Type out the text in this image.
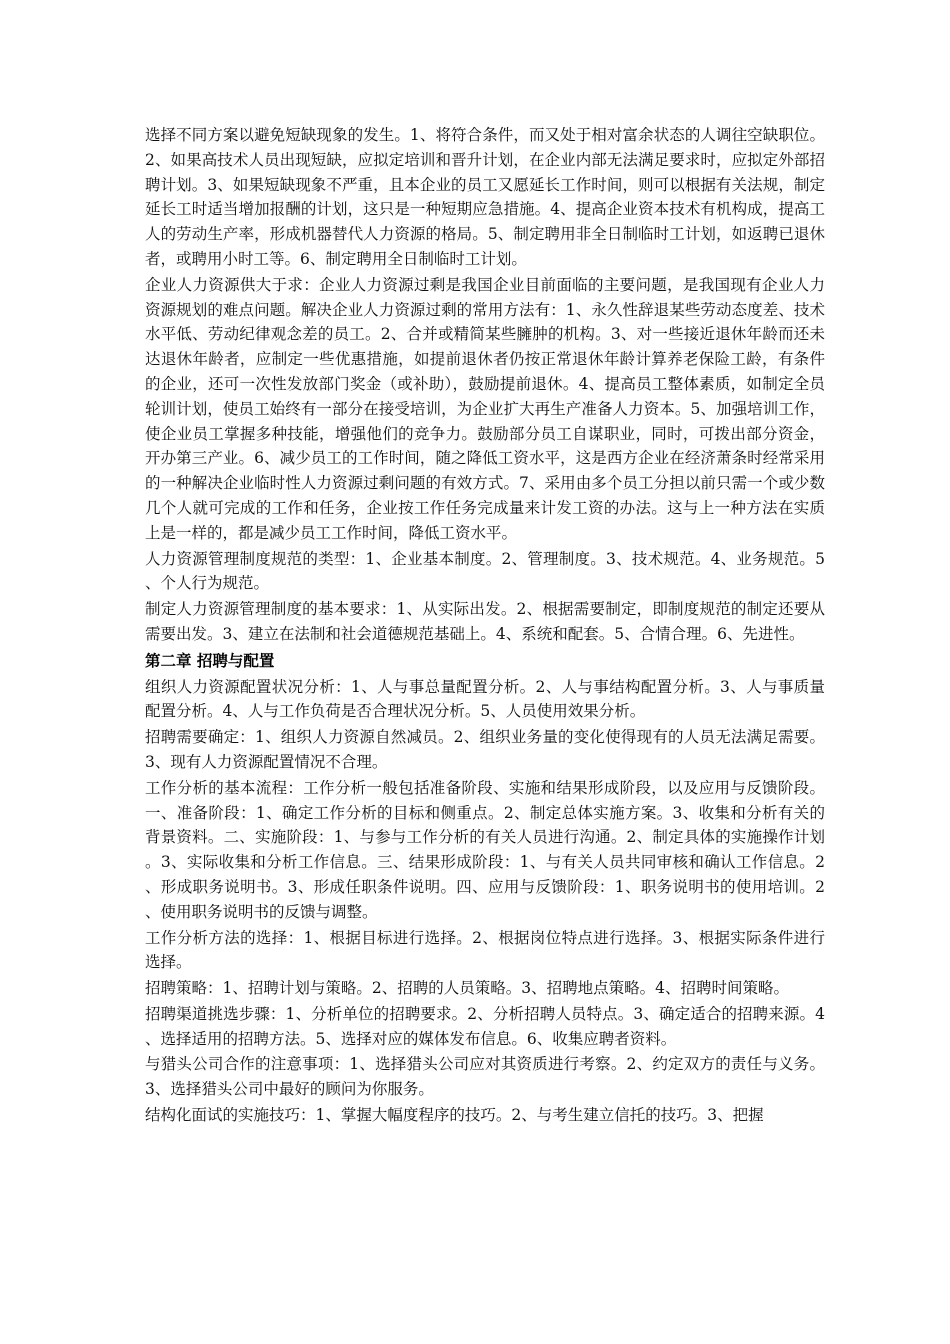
选择不同方案以避免短缺现象的发生。1、将符合条件，而又处于相对富余状态的人调往空缺职位。2、如果高技术人员出现短缺，应拟定培训和晋升计划，在企业内部无法满足要求时，应拟定外部招聘计划。3、如果短缺现象不严重，且本企业的员工又愿延长工作时间，则可以根据有关法规，制定延长工时适当增加报酬的计划，这只是一种短期应急措施。4、提高企业资本技术有机构成，提高工人的劳动生产率，形成机器替代人力资源的格局。5、制定聘用非全日制临时工计划，如返聘已退休者，或聘用小时工等。6、制定聘用全日制临时工计划。

企业人力资源供大于求：企业人力资源过剩是我国企业目前面临的主要问题，是我国现有企业人力资源规划的难点问题。解决企业人力资源过剩的常用方法有：1、永久性辞退某些劳动态度差、技术水平低、劳动纪律观念差的员工。2、合并或精简某些臃肿的机构。3、对一些接近退休年龄而还未达退休年龄者，应制定一些优惠措施，如提前退休者仍按正常退休年龄计算养老保险工龄，有条件的企业，还可一次性发放部门奖金（或补助），鼓励提前退休。4、提高员工整体素质，如制定全员轮训计划，使员工始终有一部分在接受培训，为企业扩大再生产准备人力资本。5、加强培训工作，使企业员工掌握多种技能，增强他们的竞争力。鼓励部分员工自谋职业，同时，可拨出部分资金，开办第三产业。6、减少员工的工作时间，随之降低工资水平，这是西方企业在经济萧条时经常采用的一种解决企业临时性人力资源过剩问题的有效方式。7、采用由多个员工分担以前只需一个或少数几个人就可完成的工作和任务，企业按工作任务完成量来计发工资的办法。这与上一种方法在实质上是一样的，都是减少员工工作时间，降低工资水平。

人力资源管理制度规范的类型：1、企业基本制度。2、管理制度。3、技术规范。4、业务规范。5、个人行为规范。

制定人力资源管理制度的基本要求：1、从实际出发。2、根据需要制定，即制度规范的制定还要从需要出发。3、建立在法制和社会道德规范基础上。4、系统和配套。5、合情合理。6、先进性。

第二章 招聘与配置

组织人力资源配置状况分析：1、人与事总量配置分析。2、人与事结构配置分析。3、人与事质量配置分析。4、人与工作负荷是否合理状况分析。5、人员使用效果分析。

招聘需要确定：1、组织人力资源自然减员。2、组织业务量的变化使得现有的人员无法满足需要。3、现有人力资源配置情况不合理。

工作分析的基本流程：工作分析一般包括准备阶段、实施和结果形成阶段，以及应用与反馈阶段。一、准备阶段：1、确定工作分析的目标和侧重点。2、制定总体实施方案。3、收集和分析有关的背景资料。二、实施阶段：1、与参与工作分析的有关人员进行沟通。2、制定具体的实施操作计划。3、实际收集和分析工作信息。三、结果形成阶段：1、与有关人员共同审核和确认工作信息。2、形成职务说明书。3、形成任职条件说明。四、应用与反馈阶段：1、职务说明书的使用培训。2、使用职务说明书的反馈与调整。

工作分析方法的选择：1、根据目标进行选择。2、根据岗位特点进行选择。3、根据实际条件进行选择。

招聘策略：1、招聘计划与策略。2、招聘的人员策略。3、招聘地点策略。4、招聘时间策略。

招聘渠道挑选步骤：1、分析单位的招聘要求。2、分析招聘人员特点。3、确定适合的招聘来源。4、选择适用的招聘方法。5、选择对应的媒体发布信息。6、收集应聘者资料。

与猎头公司合作的注意事项：1、选择猎头公司应对其资质进行考察。2、约定双方的责任与义务。3、选择猎头公司中最好的顾问为你服务。

结构化面试的实施技巧：1、掌握大幅度程序的技巧。2、与考生建立信托的技巧。3、把握
